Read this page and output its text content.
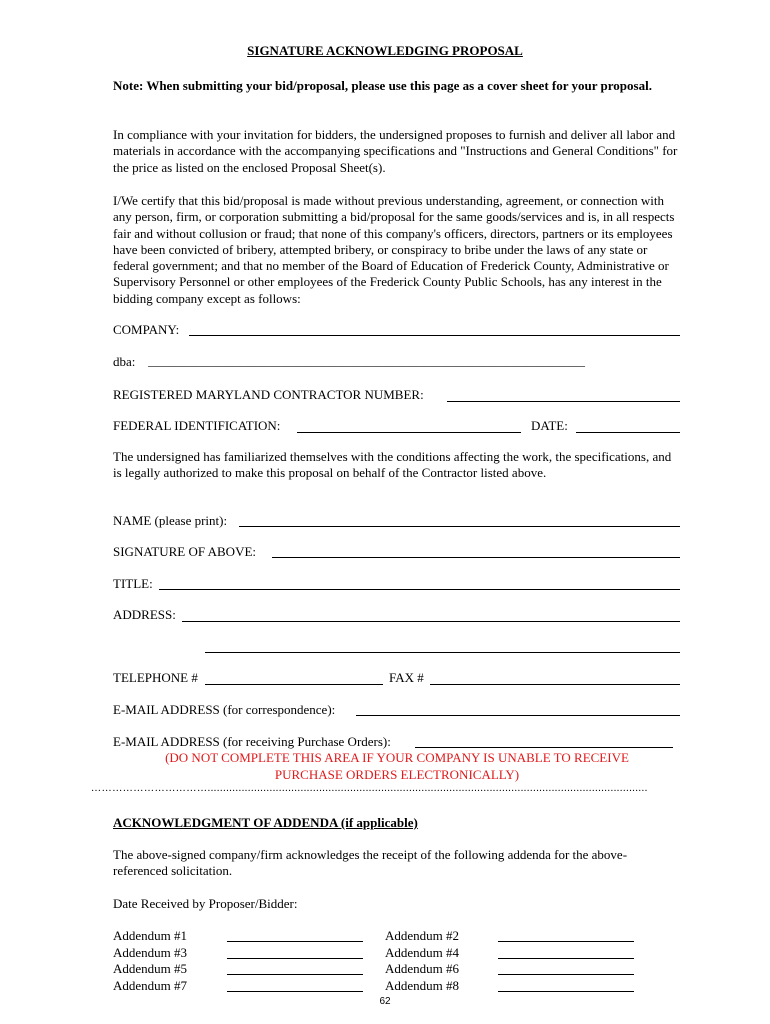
SIGNATURE ACKNOWLEDGING PROPOSAL
Note: When submitting your bid/proposal, please use this page as a cover sheet for your proposal.
In compliance with your invitation for bidders, the undersigned proposes to furnish and deliver all labor and materials in accordance with the accompanying specifications and "Instructions and General Conditions" for the price as listed on the enclosed Proposal Sheet(s).
I/We certify that this bid/proposal is made without previous understanding, agreement, or connection with any person, firm, or corporation submitting a bid/proposal for the same goods/services and is, in all respects fair and without collusion or fraud; that none of this company's officers, directors, partners or its employees have been convicted of bribery, attempted bribery, or conspiracy to bribe under the laws of any state or federal government; and that no member of the Board of Education of Frederick County, Administrative or Supervisory Personnel or other employees of the Frederick County Public Schools, has any interest in the bidding company except as follows:
COMPANY:
dba: ____________________________________________________________________________
REGISTERED MARYLAND CONTRACTOR NUMBER:
FEDERAL IDENTIFICATION:	DATE:
The undersigned has familiarized themselves with the conditions affecting the work, the specifications, and is legally authorized to make this proposal on behalf of the Contractor listed above.
NAME (please print):
SIGNATURE OF ABOVE:
TITLE:
ADDRESS:
TELEPHONE #	FAX #
E-MAIL ADDRESS (for correspondence):
E-MAIL ADDRESS (for receiving Purchase Orders):
(DO NOT COMPLETE THIS AREA IF YOUR COMPANY IS UNABLE TO RECEIVE
PURCHASE ORDERS ELECTRONICALLY)
……………………………..............................................................................................................................................
ACKNOWLEDGMENT OF ADDENDA (if applicable)
The above-signed company/firm acknowledges the receipt of the following addenda for the above-referenced solicitation.
Date Received by Proposer/Bidder:
Addendum #1
Addendum #3
Addendum #5
Addendum #7
Addendum #2
Addendum #4
Addendum #6
Addendum #8
62
